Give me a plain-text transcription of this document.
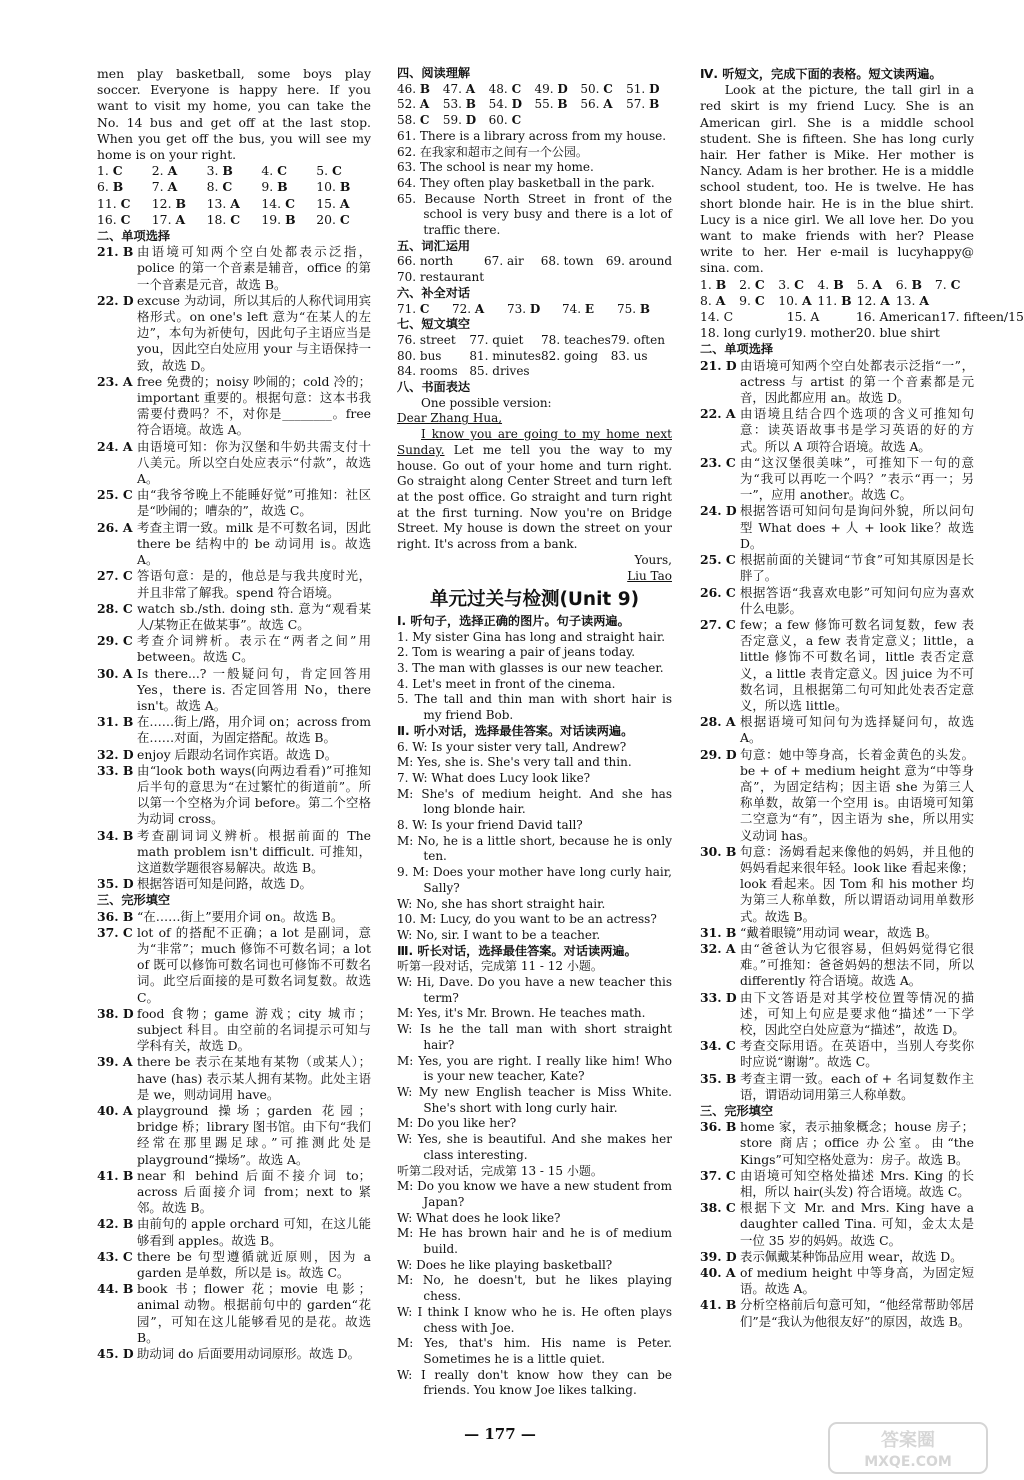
men play basketball, some boys play soccer. Everyone is happy here. If you want to visit my home, you can take the No. 14 bus and get off at the last stop. When you get off the bus, you will see my home is on your right.

1. C	2. A	3. B	4. C	5. C
6. B	7. A	8. C	9. B	10. B
11. C	12. B	13. A	14. C	15. A
16. C	17. A	18. C	19. B	20. C

二、单项选择

21. B 由语境可知两个空白处都表示泛指，police 的第一个音素是辅音，office 的第一个音素是元音，故选 B。
22. D excuse 为动词，所以其后的人称代词用宾格形式。on one's left 意为“在某人的左边”，本句为祈使句，因此句子主语应当是 you，因此空白处应用 your 与主语保持一致，故选 D。
23. A free 免费的；noisy 吵闹的；cold 冷的；important 重要的。根据句意：这本书我需要付费吗？不，对你是________。free 符合语境。故选 A。
24. A 由语境可知：你为汉堡和牛奶共需支付十八美元。所以空白处应表示“付款”，故选 A。
25. C 由“我爷爷晚上不能睡好觉”可推知：社区是“吵闹的；嘈杂的”，故选 C。
26. A 考查主谓一致。milk 是不可数名词，因此 there be 结构中的 be 动词用 is。故选 A。
27. C 答语句意：是的，他总是与我共度时光，并且非常了解我。spend 符合语境。
28. C watch sb./sth. doing sth. 意为“观看某人/某物正在做某事”。故选 C。
29. C 考查介词辨析。表示在“两者之间”用 between。故选 C。
30. A Is there...? 一般疑问句，肯定回答用 Yes，there is. 否定回答用 No，there isn't。故选 A。
31. B 在……街上/路，用介词 on；across from 在……对面，为固定搭配。故选 B。
32. D enjoy 后跟动名词作宾语。故选 D。
33. B 由“look both ways(向两边看看)”可推知后半句的意思为“在过繁忙的街道前”。所以第一个空格为介词 before。第二个空格为动词 cross。
34. B 考查副词词义辨析。根据前面的 The math problem isn't difficult. 可推知，这道数学题很容易解决。故选 B。
35. D 根据答语可知是问路，故选 D。

三、完形填空

36. B “在……街上”要用介词 on。故选 B。
37. C lot of 的搭配不正确；a lot 是副词，意为“非常”；much 修饰不可数名词；a lot of 既可以修饰可数名词也可修饰不可数名词。此空后面接的是可数名词复数。故选 C。
38. D food 食物；game 游戏；city 城市；subject 科目。由空前的名词提示可知与学科有关，故选 D。
39. A there be 表示在某地有某物（或某人）；have (has) 表示某人拥有某物。此处主语是 we，则动词用 have。
40. A playground 操场；garden 花园；bridge 桥；library 图书馆。由下句“我们经常在那里踢足球。”可推测此处是 playground“操场”。故选 A。
41. B near 和 behind 后面不接介词 to；across 后面接介词 from；next to 紧邻。故选 B。
42. B 由前句的 apple orchard 可知，在这儿能够看到 apples。故选 B。
43. C there be 句型遵循就近原则，因为 a garden 是单数，所以是 is。故选 C。
44. B book 书；flower 花；movie 电影；animal 动物。根据前句中的 garden“花园”，可知在这儿能够看见的是花。故选 B。
45. D 助动词 do 后面要用动词原形。故选 D。

四、阅读理解

46. B	47. A	48. C	49. D	50. C	51. D
52. A	53. B	54. D	55. B	56. A	57. B
58. C	59. D	60. C

61. There is a library across from my house.

62. 在我家和超市之间有一个公园。

63. The school is near my home.

64. They often play basketball in the park.

65. Because North Street in front of the school is very busy and there is a lot of traffic there.

五、词汇运用

66. north	67. air	68. town	69. around
70. restaurant

六、补全对话

71. C	72. A	73. D	74. E	75. B

七、短文填空

76. street	77. quiet	78. teaches 79. often
80. bus	81. minutes 82. going	83. us
84. rooms 85. drives

八、书面表达

One possible version:

Dear Zhang Hua,

I know you are going to my home next Sunday. Let me tell you the way to my house. Go out of your home and turn right. Go straight along Center Street and turn left at the post office. Go straight and turn right at the first turning. Now you're on Bridge Street. My house is down the street on your right. It's across from a bank.

Yours,

Liu Tao

单元过关与检测(Unit 9)

Ⅰ. 听句子，选择正确的图片。句子读两遍。

1. My sister Gina has long and straight hair.

2. Tom is wearing a pair of jeans today.

3. The man with glasses is our new teacher.

4. Let's meet in front of the cinema.

5. The tall and thin man with short hair is my friend Bob.

Ⅱ. 听小对话，选择最佳答案。对话读两遍。

6. W: Is your sister very tall, Andrew?

M: Yes, she is. She's very tall and thin.

7. W: What does Lucy look like?

M: She's of medium height. And she has long blonde hair.

8. W: Is your friend David tall?

M: No, he is a little short, because he is only ten.

9. M: Does your mother have long curly hair, Sally?

W: No, she has short straight hair.

10. M: Lucy, do you want to be an actress?

W: No, sir. I want to be a teacher.

Ⅲ. 听长对话，选择最佳答案。对话读两遍。

听第一段对话，完成第 11 - 12 小题。

W: Hi, Dave. Do you have a new teacher this term?

M: Yes, it's Mr. Brown. He teaches math.

W: Is he the tall man with short straight hair?

M: Yes, you are right. I really like him! Who is your new teacher, Kate?

W: My new English teacher is Miss White. She's short with long curly hair.

M: Do you like her?

W: Yes, she is beautiful. And she makes her class interesting.

听第二段对话，完成第 13 - 15 小题。

M: Do you know we have a new student from Japan?

W: What does he look like?

M: He has brown hair and he is of medium build.

W: Does he like playing basketball?

M: No, he doesn't, but he likes playing chess.

W: I think I know who he is. He often plays chess with Joe.

M: Yes, that's him. His name is Peter. Sometimes he is a little quiet.

W: I really don't know how they can be friends. You know Joe likes talking.

Ⅳ. 听短文，完成下面的表格。短文读两遍。

Look at the picture, the tall girl in a red skirt is my friend Lucy. She is an American girl. She is a middle school student. She is fifteen. She has long curly hair. Her father is Mike. Her mother is Nancy. Adam is her brother. He is a middle school student, too. He is twelve. He has short blonde hair. He is in the blue shirt. Lucy is a nice girl. We all love her. Do you want to make friends with her? Please write to her. Her e-mail is lucyhappy@ sina. com.

1. B	2. C	3. C	4. B	5. A	6. B	7. C
8. A	9. C	10. A 11. B 12. A 13. A
14. C	15. A	16. American 17. fifteen/15
18. long curly 19. mother 20. blue shirt

二、单项选择

21. D 由语境可知两个空白处都表示泛指“一”，actress 与 artist 的第一个音素都是元音，因此都应用 an。故选 D。
22. A 由语境且结合四个选项的含义可推知句意：读英语故事书是学习英语的好的方式。所以 A 项符合语境。故选 A。
23. C 由“这汉堡很美味”，可推知下一句的意为“我可以再吃一个吗？”表示“再一；另一”，应用 another。故选 C。
24. D 根据答语可知问句是询问外貌，所以问句型 What does + 人 + look like？故选 D。
25. C 根据前面的关键词“节食”可知其原因是长胖了。
26. C 根据答语“我喜欢电影”可知问句应为喜欢什么电影。
27. C few；a few 修饰可数名词复数，few 表否定意义，a few 表肯定意义；little，a little 修饰不可数名词，little 表否定意义，a little 表肯定意义。因 juice 为不可数名词，且根据第二句可知此处表否定意义，所以选 little。
28. A 根据语境可知问句为选择疑问句，故选 A。
29. D 句意：她中等身高，长着金黄色的头发。be + of + medium height 意为“中等身高”，为固定结构；因主语 she 为第三人称单数，故第一个空用 is。由语境可知第二空意为“有”，因主语为 she，所以用实义动词 has。
30. B 句意：汤姆看起来像他的妈妈，并且他的妈妈看起来很年轻。look like 看起来像；look 看起来。因 Tom 和 his mother 均为第三人称单数，所以谓语动词用单数形式。故选 B。
31. B “戴着眼镜”用动词 wear，故选 B。
32. A 由“爸爸认为它很容易，但妈妈觉得它很难。”可推知：爸爸妈妈的想法不同，所以 differently 符合语境。故选 A。
33. D 由下文答语是对其学校位置等情况的描述，可知上句应是要求他“描述”一下学校，因此空白处应意为“描述”，故选 D。
34. C 考查交际用语。在英语中，当别人夸奖你时应说“谢谢”。故选 C。
35. B 考查主谓一致。each of + 名词复数作主语，谓语动词用第三人称单数。

三、完形填空

36. B home 家，表示抽象概念；house 房子；store 商店；office 办公室。由“the Kings”可知空格处意为：房子。故选 B。
37. C 由语境可知空格处描述 Mrs. King 的长相，所以 hair(头发) 符合语境。故选 C。
38. C 根据下文 Mr. and Mrs. King have a daughter called Tina. 可知，金太太是一位 35 岁的妈妈。故选 C。
39. D 表示佩戴某种饰品应用 wear，故选 D。
40. A of medium height 中等身高，为固定短语。故选 A。
41. B 分析空格前后句意可知，“他经常帮助邻居们”是“我认为他很友好”的原因，故选 B。
— 177 —	答案圈
MXQE.COM
